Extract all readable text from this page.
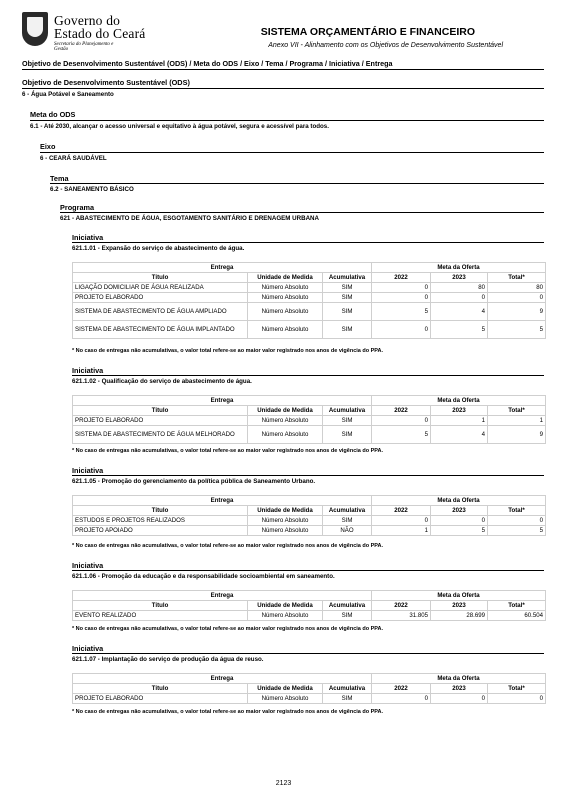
Governo do
Estado do Ceará
Secretaria do Planejamento e Gestão
SISTEMA ORÇAMENTÁRIO E FINANCEIRO
Anexo VII - Alinhamento com os Objetivos de Desenvolvimento Sustentável
Objetivo de Desenvolvimento Sustentável (ODS) / Meta do ODS / Eixo / Tema / Programa / Iniciativa / Entrega
Objetivo de Desenvolvimento Sustentável (ODS)
6 - Água Potável e Saneamento
Meta do ODS
6.1 - Até 2030, alcançar o acesso universal e equitativo à água potável, segura e acessível para todos.
Eixo
6 - CEARÁ SAUDÁVEL
Tema
6.2 - SANEAMENTO BÁSICO
Programa
621 - ABASTECIMENTO DE ÁGUA, ESGOTAMENTO SANITÁRIO E DRENAGEM URBANA
Iniciativa
621.1.01 - Expansão do serviço de abastecimento de água.
Entrega			Meta da Oferta		
Título	Unidade de Medida	Acumulativa	2022	2023	Total*
LIGAÇÃO DOMICILIAR DE ÁGUA REALIZADA	Número Absoluto	SIM	0	80	80
PROJETO ELABORADO	Número Absoluto	SIM	0	0	0
SISTEMA DE ABASTECIMENTO DE ÁGUA AMPLIADO	Número Absoluto	SIM	5	4	9
SISTEMA DE ABASTECIMENTO DE ÁGUA IMPLANTADO	Número Absoluto	SIM	0	5	5
* No caso de entregas não acumulativas, o valor total refere-se ao maior valor registrado nos anos de vigência do PPA.
Iniciativa
621.1.02 - Qualificação do serviço de abastecimento de água.
Entrega			Meta da Oferta		
Título	Unidade de Medida	Acumulativa	2022	2023	Total*
PROJETO ELABORADO	Número Absoluto	SIM	0	1	1
SISTEMA DE ABASTECIMENTO DE ÁGUA MELHORADO	Número Absoluto	SIM	5	4	9
* No caso de entregas não acumulativas, o valor total refere-se ao maior valor registrado nos anos de vigência do PPA.
Iniciativa
621.1.05 - Promoção do gerenciamento da política pública de Saneamento Urbano.
Entrega			Meta da Oferta		
Título	Unidade de Medida	Acumulativa	2022	2023	Total*
ESTUDOS E PROJETOS REALIZADOS	Número Absoluto	SIM	0	0	0
PROJETO APOIADO	Número Absoluto	NÃO	1	5	5
* No caso de entregas não acumulativas, o valor total refere-se ao maior valor registrado nos anos de vigência do PPA.
Iniciativa
621.1.06 - Promoção da educação e da responsabilidade socioambiental em saneamento.
Entrega			Meta da Oferta		
Título	Unidade de Medida	Acumulativa	2022	2023	Total*
EVENTO REALIZADO	Número Absoluto	SIM	31.805	28.699	60.504
* No caso de entregas não acumulativas, o valor total refere-se ao maior valor registrado nos anos de vigência do PPA.
Iniciativa
621.1.07 - Implantação do serviço de produção da água de reuso.
Entrega			Meta da Oferta		
Título	Unidade de Medida	Acumulativa	2022	2023	Total*
PROJETO ELABORADO	Número Absoluto	SIM	0	0	0
* No caso de entregas não acumulativas, o valor total refere-se ao maior valor registrado nos anos de vigência do PPA.
2123
